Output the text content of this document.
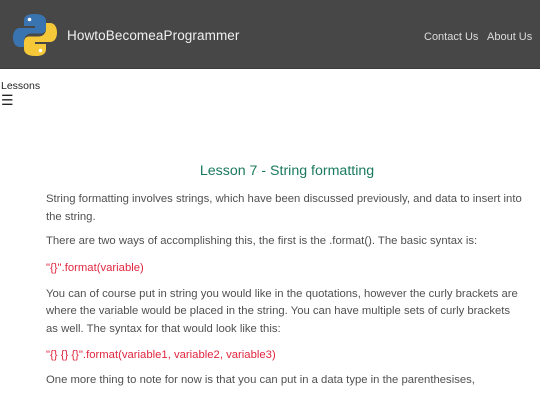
HowtoBecomeaProgrammer	Contact Us About Us
Lessons
☰
Lesson 7 - String formatting

String formatting involves strings, which have been discussed previously, and data to insert into the string.

There are two ways of accomplishing this, the first is the .format(). The basic syntax is:

"{}".format(variable)

You can of course put in string you would like in the quotations, however the curly brackets are where the variable would be placed in the string. You can have multiple sets of curly brackets as well. The syntax for that would look like this:

"{} {} {}".format(variable1, variable2, variable3)

One more thing to note for now is that you can put in a data type in the parenthesises,
